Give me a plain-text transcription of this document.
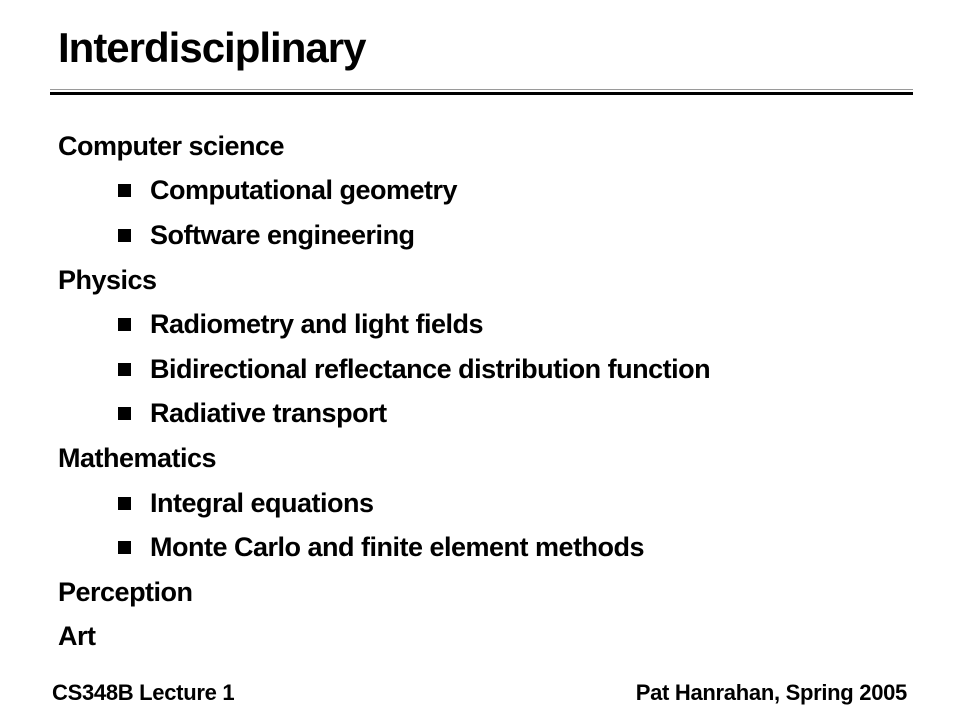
Interdisciplinary
Computer science
Computational geometry
Software engineering
Physics
Radiometry and light fields
Bidirectional reflectance distribution function
Radiative transport
Mathematics
Integral equations
Monte Carlo and finite element methods
Perception
Art
CS348B Lecture 1	Pat Hanrahan, Spring 2005
